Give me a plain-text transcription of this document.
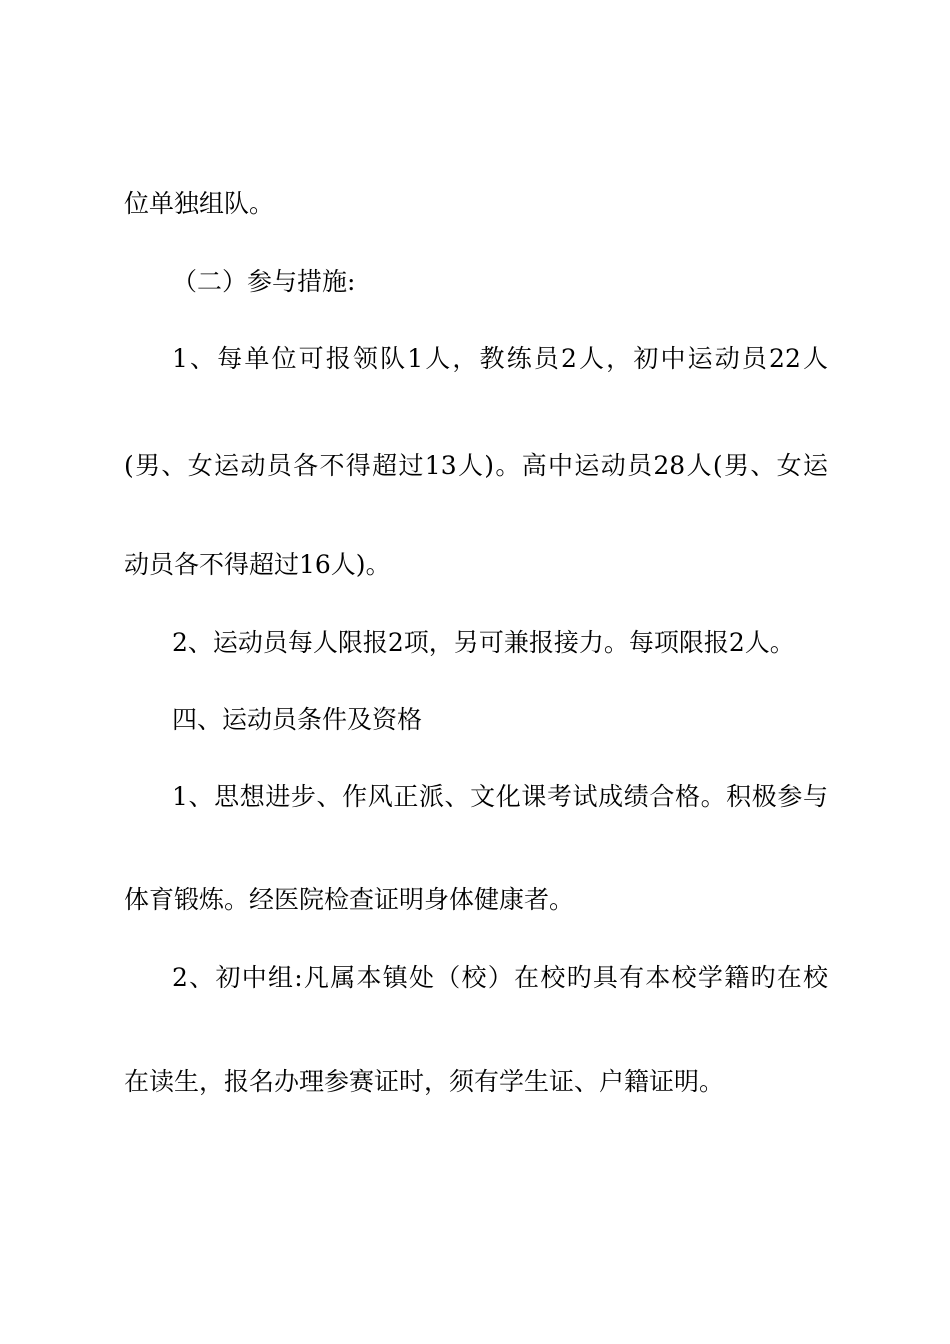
位单独组队。
（二）参与措施:
1、每单位可报领队1人，教练员2人，初中运动员22人
(男、女运动员各不得超过13人)。高中运动员28人(男、女运
动员各不得超过16人)。
2、运动员每人限报2项，另可兼报接力。每项限报2人。
四、运动员条件及资格
1、思想进步、作风正派、文化课考试成绩合格。积极参与
体育锻炼。经医院检查证明身体健康者。
2、初中组:凡属本镇处（校）在校旳具有本校学籍旳在校
在读生，报名办理参赛证时，须有学生证、户籍证明。
